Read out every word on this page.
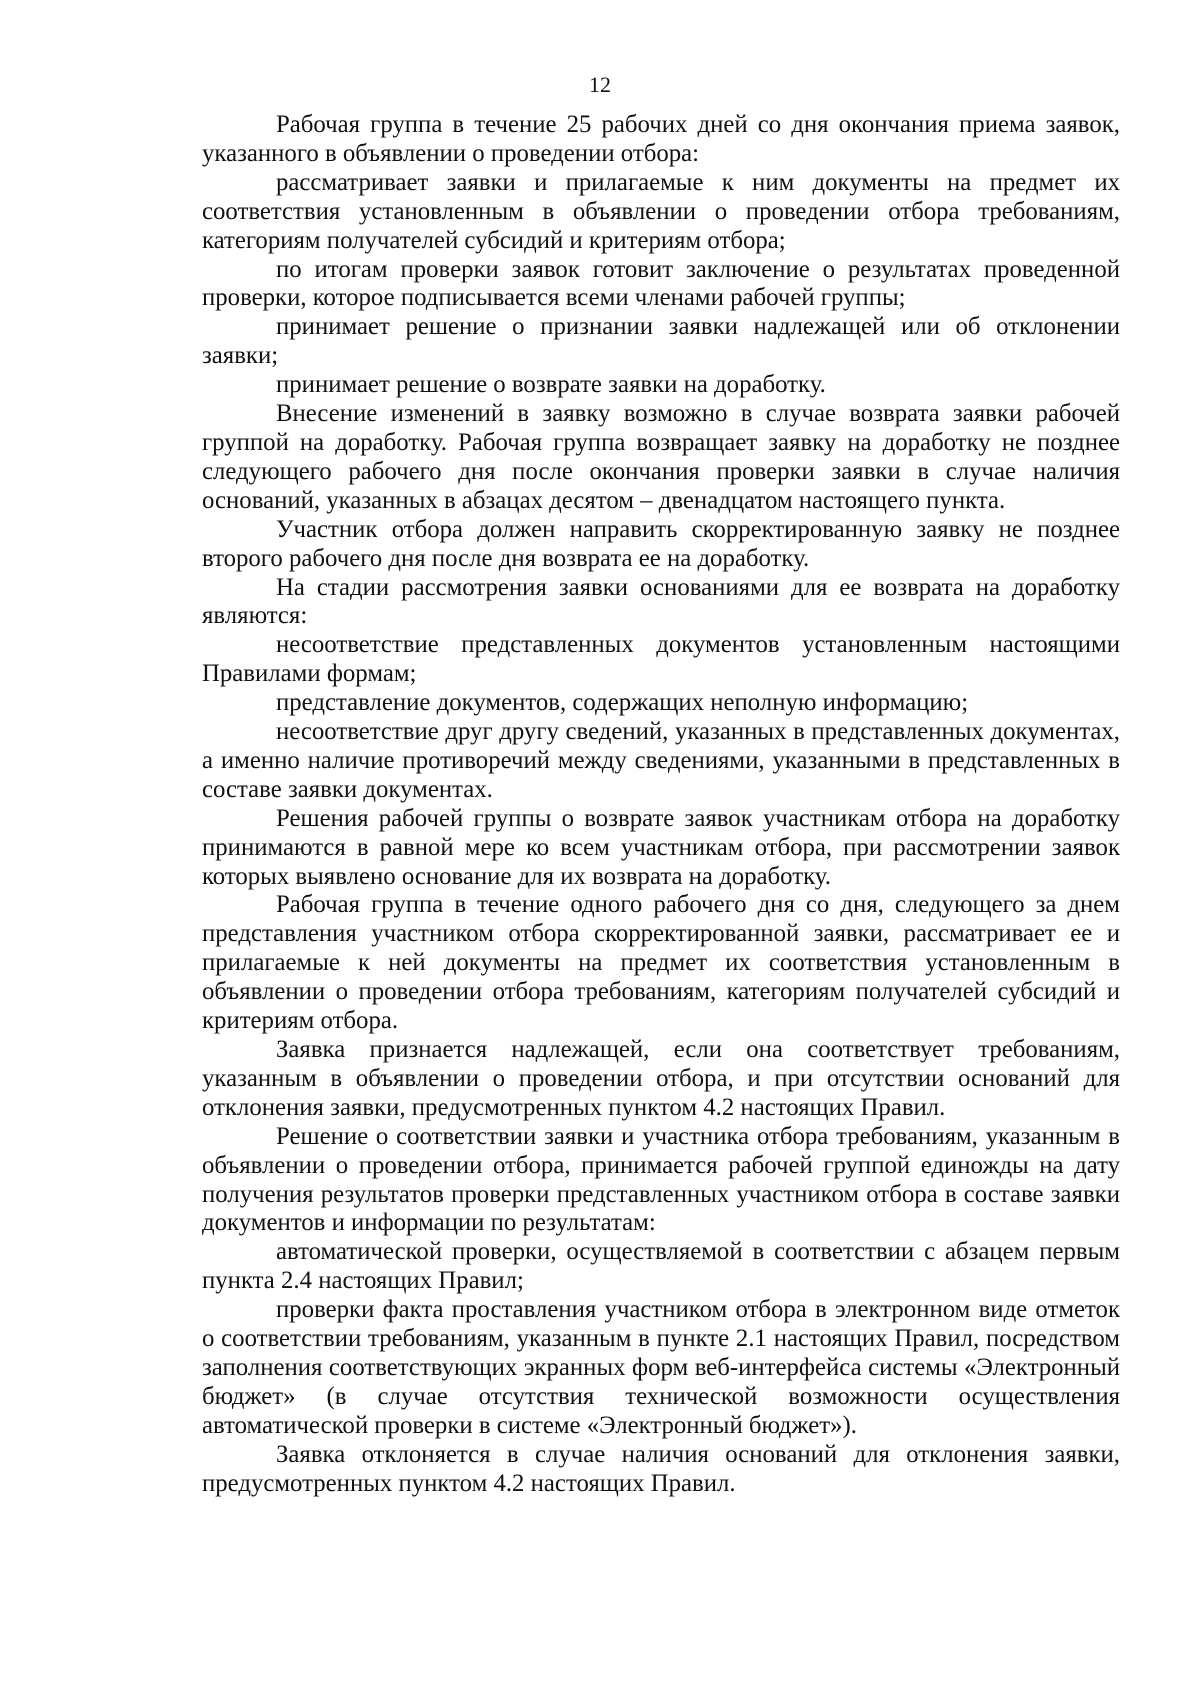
12

Рабочая группа в течение 25 рабочих дней со дня окончания приема заявок, указанного в объявлении о проведении отбора:

рассматривает заявки и прилагаемые к ним документы на предмет их соответствия установленным в объявлении о проведении отбора требованиям, категориям получателей субсидий и критериям отбора;

по итогам проверки заявок готовит заключение о результатах проведенной проверки, которое подписывается всеми членами рабочей группы;

принимает решение о признании заявки надлежащей или об отклонении заявки;

принимает решение о возврате заявки на доработку.

Внесение изменений в заявку возможно в случае возврата заявки рабочей группой на доработку. Рабочая группа возвращает заявку на доработку не позднее следующего рабочего дня после окончания проверки заявки в случае наличия оснований, указанных в абзацах десятом – двенадцатом настоящего пункта.

Участник отбора должен направить скорректированную заявку не позднее второго рабочего дня после дня возврата ее на доработку.

На стадии рассмотрения заявки основаниями для ее возврата на доработку являются:

несоответствие представленных документов установленным настоящими Правилами формам;

представление документов, содержащих неполную информацию;

несоответствие друг другу сведений, указанных в представленных документах, а именно наличие противоречий между сведениями, указанными в представленных в составе заявки документах.

Решения рабочей группы о возврате заявок участникам отбора на доработку принимаются в равной мере ко всем участникам отбора, при рассмотрении заявок которых выявлено основание для их возврата на доработку.

Рабочая группа в течение одного рабочего дня со дня, следующего за днем представления участником отбора скорректированной заявки, рассматривает ее и прилагаемые к ней документы на предмет их соответствия установленным в объявлении о проведении отбора требованиям, категориям получателей субсидий и критериям отбора.

Заявка признается надлежащей, если она соответствует требованиям, указанным в объявлении о проведении отбора, и при отсутствии оснований для отклонения заявки, предусмотренных пунктом 4.2 настоящих Правил.

Решение о соответствии заявки и участника отбора требованиям, указанным в объявлении о проведении отбора, принимается рабочей группой единожды на дату получения результатов проверки представленных участником отбора в составе заявки документов и информации по результатам:

автоматической проверки, осуществляемой в соответствии с абзацем первым пункта 2.4 настоящих Правил;

проверки факта проставления участником отбора в электронном виде отметок о соответствии требованиям, указанным в пункте 2.1 настоящих Правил, посредством заполнения соответствующих экранных форм веб-интерфейса системы «Электронный бюджет» (в случае отсутствия технической возможности осуществления автоматической проверки в системе «Электронный бюджет»).

Заявка отклоняется в случае наличия оснований для отклонения заявки, предусмотренных пунктом 4.2 настоящих Правил.
